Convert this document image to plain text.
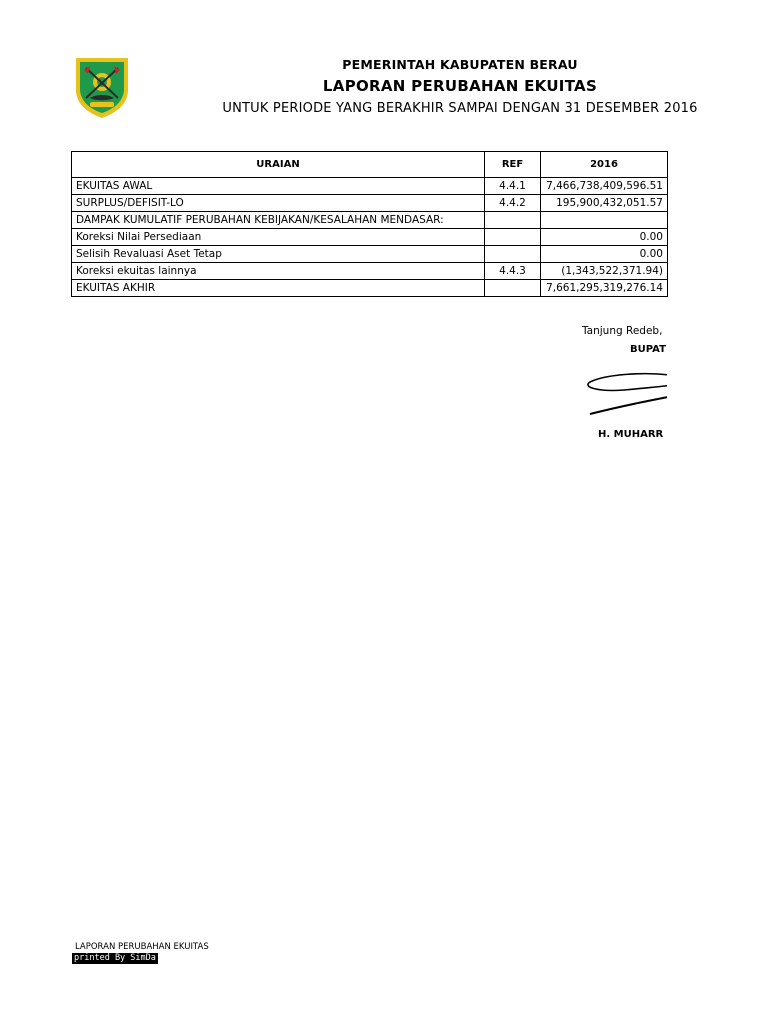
PEMERINTAH KABUPATEN BERAU
LAPORAN PERUBAHAN EKUITAS
UNTUK PERIODE YANG BERAKHIR SAMPAI DENGAN 31 DESEMBER 2016
URAIAN	REF	2016
EKUITAS AWAL	4.4.1	7,466,738,409,596.51
SURPLUS/DEFISIT-LO	4.4.2	195,900,432,051.57
DAMPAK KUMULATIF PERUBAHAN KEBIJAKAN/KESALAHAN MENDASAR:		
Koreksi Nilai Persediaan		0.00
Selisih Revaluasi Aset Tetap		0.00
Koreksi ekuitas lainnya	4.4.3	(1,343,522,371.94)
EKUITAS AKHIR		7,661,295,319,276.14
Tanjung Redeb,
BUPAT
H. MUHARR
LAPORAN PERUBAHAN EKUITAS
printed By SimDa
